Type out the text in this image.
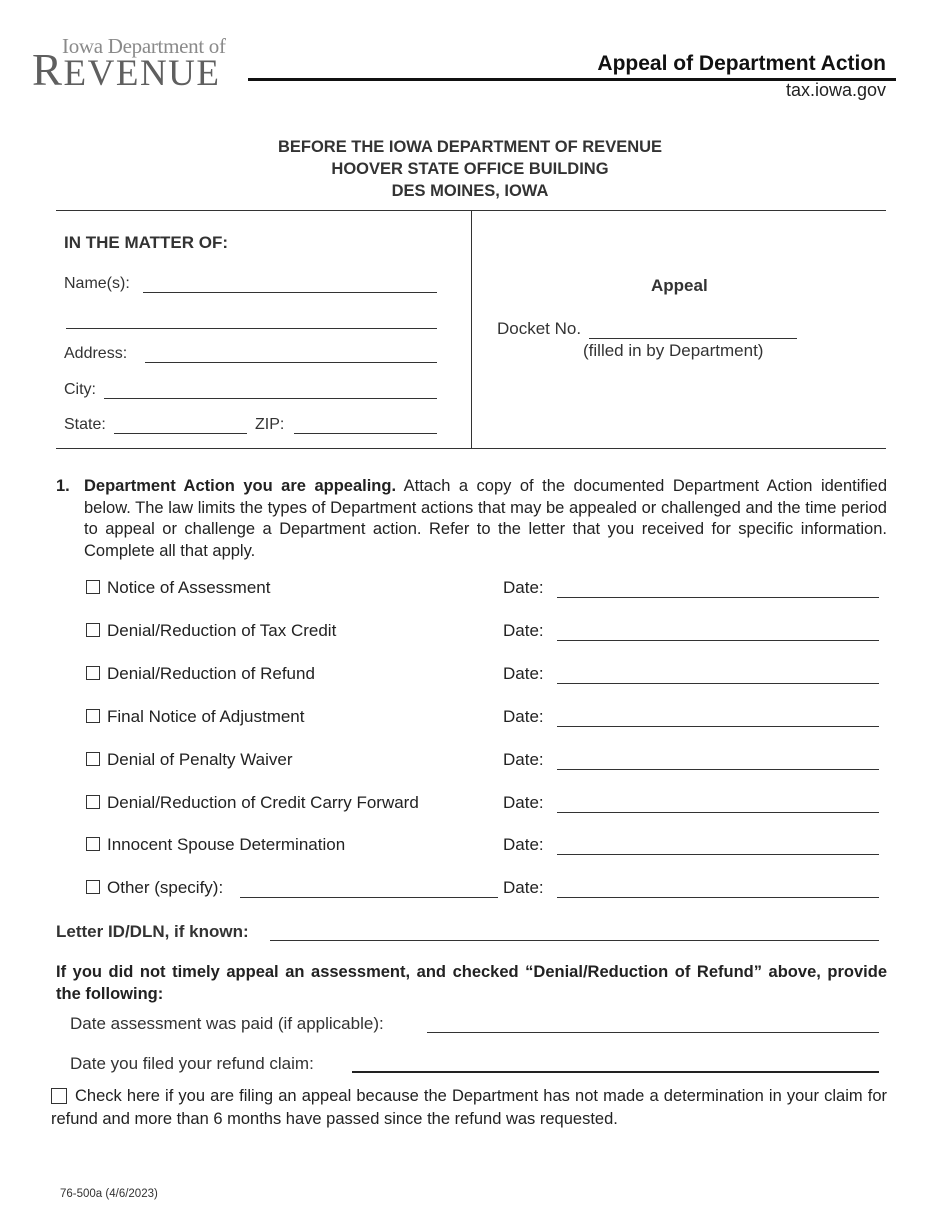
Iowa Department of
REVENUE	Appeal of Department Action
tax.iowa.gov
BEFORE THE IOWA DEPARTMENT OF REVENUE
HOOVER STATE OFFICE BUILDING
DES MOINES, IOWA
IN THE MATTER OF:
Name(s):
Address:
City:
State:	ZIP:
Appeal
Docket No.
(filled in by Department)
1. Department Action you are appealing. Attach a copy of the documented Department Action identified below. The law limits the types of Department actions that may be appealed or challenged and the time period to appeal or challenge a Department action. Refer to the letter that you received for specific information. Complete all that apply.
Notice of Assessment	Date:
Denial/Reduction of Tax Credit	Date:
Denial/Reduction of Refund	Date:
Final Notice of Adjustment	Date:
Denial of Penalty Waiver	Date:
Denial/Reduction of Credit Carry Forward	Date:
Innocent Spouse Determination	Date:
Other (specify):	Date:
Letter ID/DLN, if known:
If you did not timely appeal an assessment, and checked “Denial/Reduction of Refund” above, provide the following:
Date assessment was paid (if applicable):
Date you filed your refund claim:
Check here if you are filing an appeal because the Department has not made a determination in your claim for refund and more than 6 months have passed since the refund was requested.
76-500a (4/6/2023)
